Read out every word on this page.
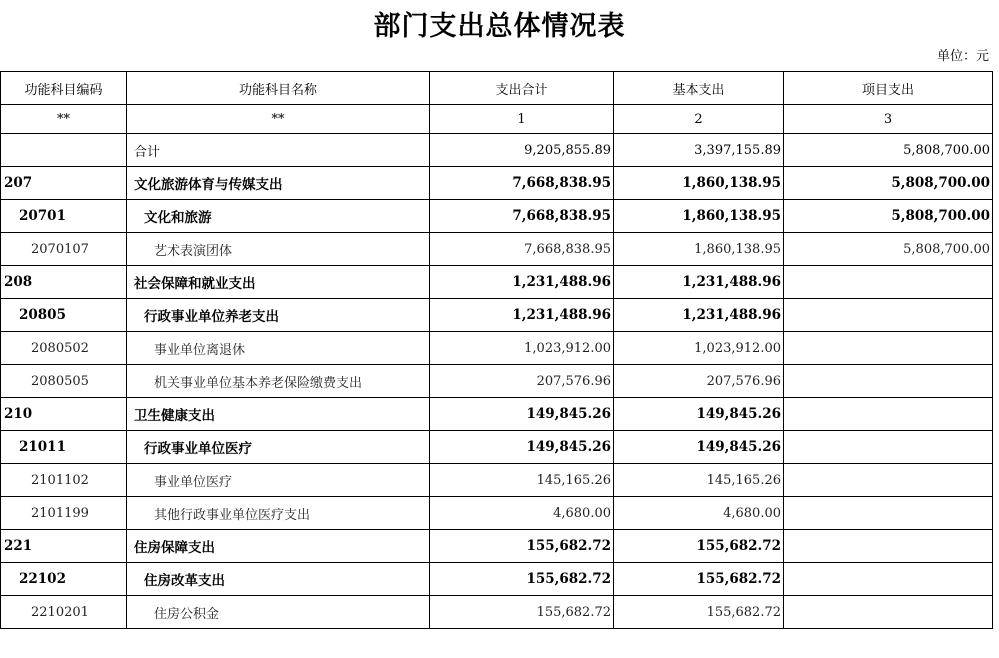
部门支出总体情况表
单位：元
功能科目编码	功能科目名称	支出合计	基本支出	项目支出
**	**	1	2	3
	合计	9,205,855.89	3,397,155.89	5,808,700.00
207	文化旅游体育与传媒支出	7,668,838.95	1,860,138.95	5,808,700.00
20701	文化和旅游	7,668,838.95	1,860,138.95	5,808,700.00
2070107	艺术表演团体	7,668,838.95	1,860,138.95	5,808,700.00
208	社会保障和就业支出	1,231,488.96	1,231,488.96	
20805	行政事业单位养老支出	1,231,488.96	1,231,488.96	
2080502	事业单位离退休	1,023,912.00	1,023,912.00	
2080505	机关事业单位基本养老保险缴费支出	207,576.96	207,576.96	
210	卫生健康支出	149,845.26	149,845.26	
21011	行政事业单位医疗	149,845.26	149,845.26	
2101102	事业单位医疗	145,165.26	145,165.26	
2101199	其他行政事业单位医疗支出	4,680.00	4,680.00	
221	住房保障支出	155,682.72	155,682.72	
22102	住房改革支出	155,682.72	155,682.72	
2210201	住房公积金	155,682.72	155,682.72	
